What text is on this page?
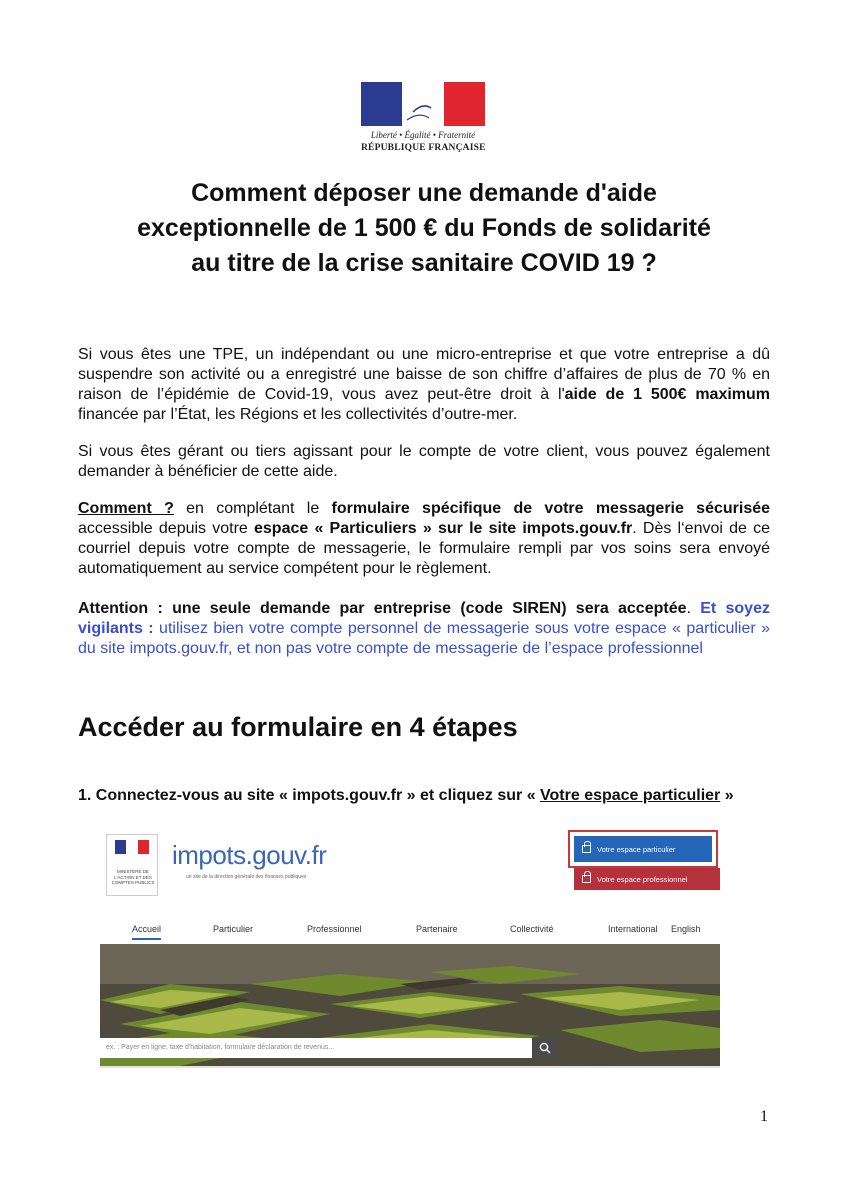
Liberté • Égalité • Fraternité
RÉPUBLIQUE FRANÇAISE
Comment déposer une demande d'aide
exceptionnelle de 1 500 € du Fonds de solidarité
au titre de la crise sanitaire COVID 19 ?

Si vous êtes une TPE, un indépendant ou une micro-entreprise et que votre entreprise a dû suspendre son activité ou a enregistré une baisse de son chiffre d’affaires de plus de 70 % en raison de l’épidémie de Covid-19, vous avez peut-être droit à l'aide de 1 500€ maximum financée par l’État, les Régions et les collectivités d’outre-mer.

Si vous êtes gérant ou tiers agissant pour le compte de votre client, vous pouvez également demander à bénéficier de cette aide.

Comment ? en complétant le formulaire spécifique de votre messagerie sécurisée accessible depuis votre espace « Particuliers » sur le site impots.gouv.fr. Dès l‘envoi de ce courriel depuis votre compte de messagerie, le formulaire rempli par vos soins sera envoyé automatiquement au service compétent pour le règlement.

Attention : une seule demande par entreprise (code SIREN) sera acceptée. Et soyez vigilants : utilisez bien votre compte personnel de messagerie sous votre espace « particulier » du site impots.gouv.fr, et non pas votre compte de messagerie de l’espace professionnel

Accéder au formulaire en 4 étapes

1. Connectez-vous au site « impots.gouv.fr » et cliquez sur « Votre espace particulier »

MINISTÈRE DE L'ACTION ET DES COMPTES PUBLICS
impots.gouv.fr
un site de la direction générale des finances publiques
Votre espace particulier
Votre espace professionnel
Accueil	Particulier	Professionnel	Partenaire	Collectivité	International English
ex. : Payer en ligne, taxe d'habitation, formulaire déclaration de revenus...
1
